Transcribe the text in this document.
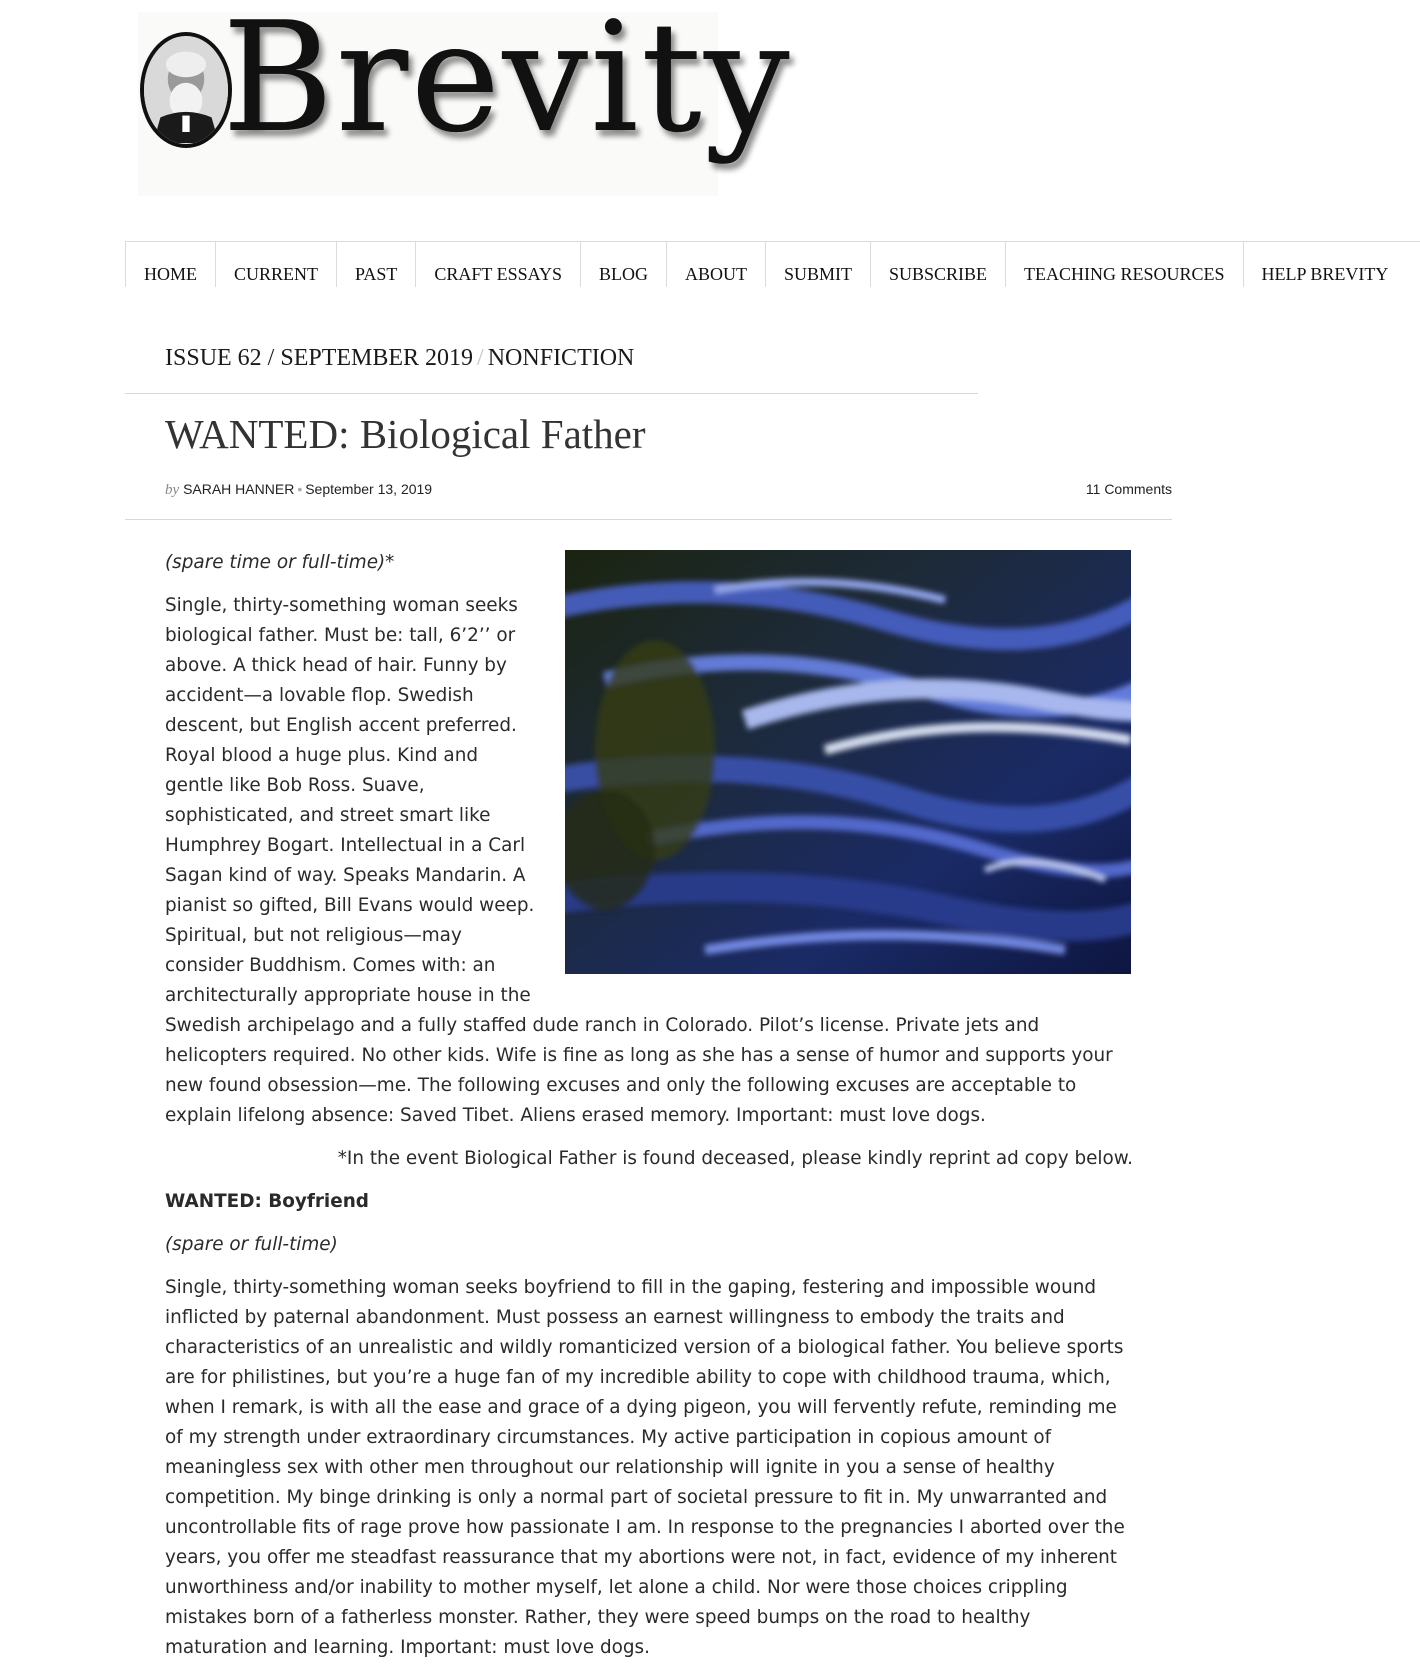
Brevity
HOME	CURRENT	PAST	CRAFT ESSAYS	BLOG	ABOUT	SUBMIT	SUBSCRIBE	TEACHING RESOURCES	HELP BREVITY
ISSUE 62 / SEPTEMBER 2019 / NONFICTION
WANTED: Biological Father
by SARAH HANNER • September 13, 2019	11 Comments

(spare time or full-time)*

Single, thirty-something woman seeks biological father. Must be: tall, 6’2’’ or above. A thick head of hair. Funny by accident—a lovable flop. Swedish descent, but English accent preferred. Royal blood a huge plus. Kind and gentle like Bob Ross. Suave, sophisticated, and street smart like Humphrey Bogart. Intellectual in a Carl Sagan kind of way. Speaks Mandarin. A pianist so gifted, Bill Evans would weep. Spiritual, but not religious—may consider Buddhism. Comes with: an architecturally appropriate house in the Swedish archipelago and a fully staffed dude ranch in Colorado. Pilot’s license. Private jets and helicopters required. No other kids. Wife is fine as long as she has a sense of humor and supports your new found obsession—me. The following excuses and only the following excuses are acceptable to explain lifelong absence: Saved Tibet. Aliens erased memory. Important: must love dogs.

*In the event Biological Father is found deceased, please kindly reprint ad copy below.

WANTED: Boyfriend

(spare or full-time)

Single, thirty-something woman seeks boyfriend to fill in the gaping, festering and impossible wound inflicted by paternal abandonment. Must possess an earnest willingness to embody the traits and characteristics of an unrealistic and wildly romanticized version of a biological father. You believe sports are for philistines, but you’re a huge fan of my incredible ability to cope with childhood trauma, which, when I remark, is with all the ease and grace of a dying pigeon, you will fervently refute, reminding me of my strength under extraordinary circumstances. My active participation in copious amount of meaningless sex with other men throughout our relationship will ignite in you a sense of healthy competition. My binge drinking is only a normal part of societal pressure to fit in. My unwarranted and uncontrollable fits of rage prove how passionate I am. In response to the pregnancies I aborted over the years, you offer me steadfast reassurance that my abortions were not, in fact, evidence of my inherent unworthiness and/or inability to mother myself, let alone a child. Nor were those choices crippling mistakes born of a fatherless monster. Rather, they were speed bumps on the road to healthy maturation and learning. Important: must love dogs.
